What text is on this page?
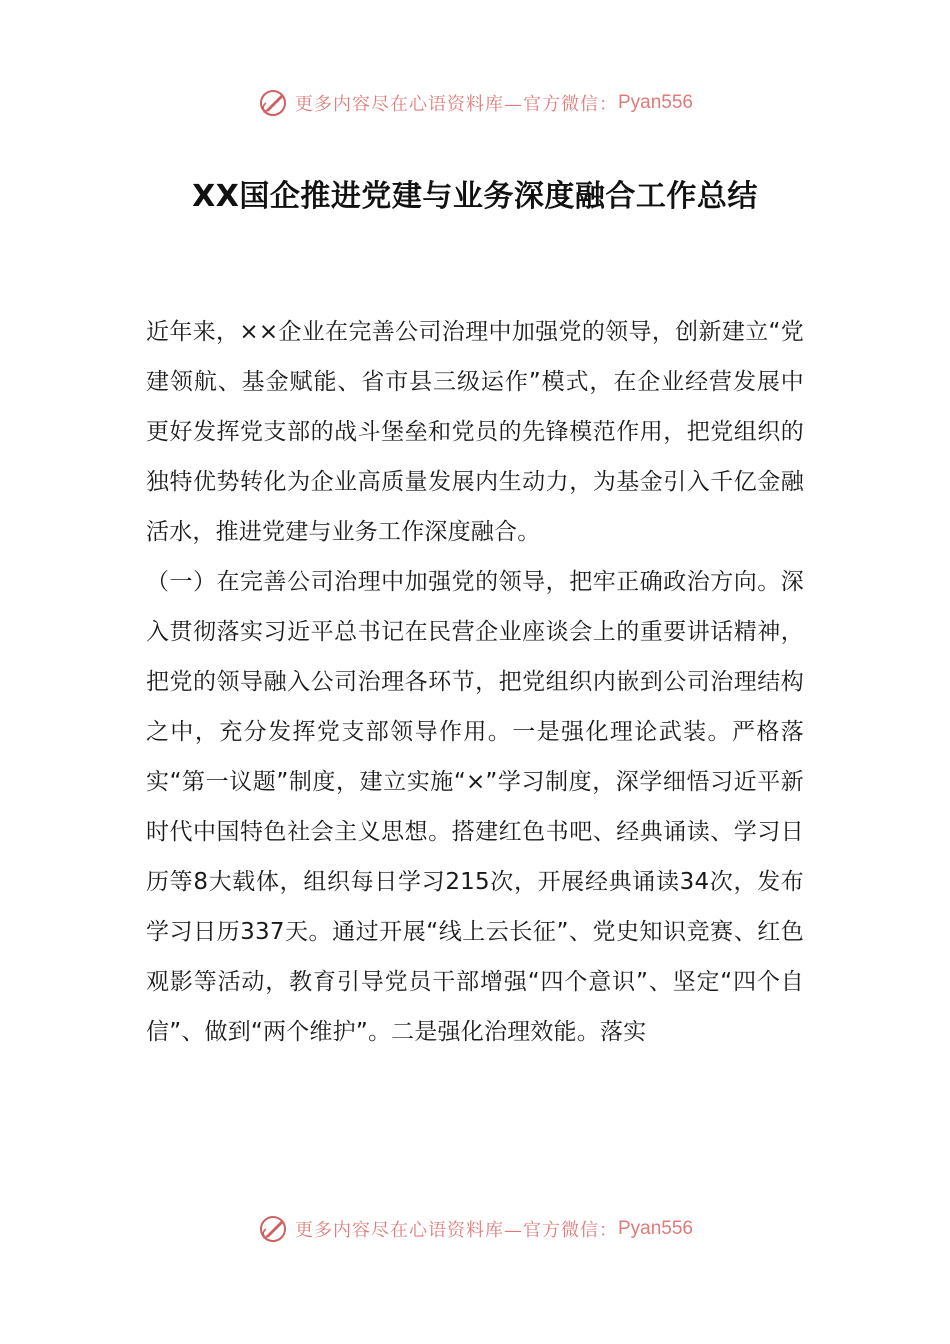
更多内容尽在心语资料库—官方微信： Pyan556
XX国企推进党建与业务深度融合工作总结

近年来，××企业在完善公司治理中加强党的领导，创新建立“党建领航、基金赋能、省市县三级运作”模式，在企业经营发展中更好发挥党支部的战斗堡垒和党员的先锋模范作用，把党组织的独特优势转化为企业高质量发展内生动力，为基金引入千亿金融活水，推进党建与业务工作深度融合。

（一）在完善公司治理中加强党的领导，把牢正确政治方向。深入贯彻落实习近平总书记在民营企业座谈会上的重要讲话精神，把党的领导融入公司治理各环节，把党组织内嵌到公司治理结构之中，充分发挥党支部领导作用。一是强化理论武装。严格落实“第一议题”制度，建立实施“×”学习制度，深学细悟习近平新时代中国特色社会主义思想。搭建红色书吧、经典诵读、学习日历等8大载体，组织每日学习215次，开展经典诵读34次，发布学习日历337天。通过开展“线上云长征”、党史知识竞赛、红色观影等活动，教育引导党员干部增强“四个意识”、坚定“四个自信”、做到“两个维护”。二是强化治理效能。落实

更多内容尽在心语资料库—官方微信： Pyan556
